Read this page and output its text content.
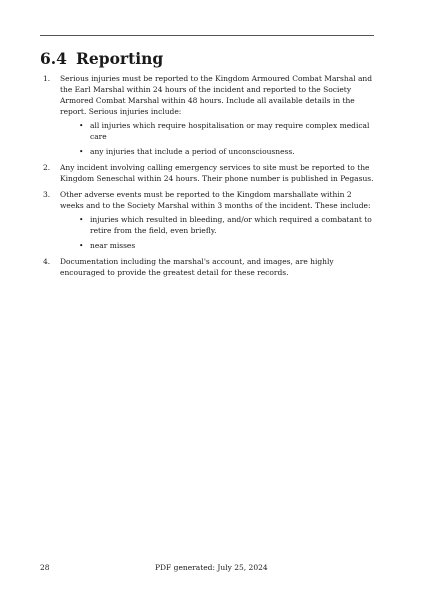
6.4 Reporting
1. Serious injuries must be reported to the Kingdom Armoured Combat Marshal and the Earl Marshal within 24 hours of the incident and reported to the Society Armored Combat Marshal within 48 hours. Include all available details in the report. Serious injuries include:
• all injuries which require hospitalisation or may require complex medical care
• any injuries that include a period of unconsciousness.
2. Any incident involving calling emergency services to site must be reported to the Kingdom Seneschal within 24 hours. Their phone number is published in Pegasus.
3. Other adverse events must be reported to the Kingdom marshallate within 2 weeks and to the Society Marshal within 3 months of the incident. These include:
• injuries which resulted in bleeding, and/or which required a combatant to retire from the field, even briefly.
• near misses
4. Documentation including the marshal's account, and images, are highly encouraged to provide the greatest detail for these records.
28	PDF generated: July 25, 2024
